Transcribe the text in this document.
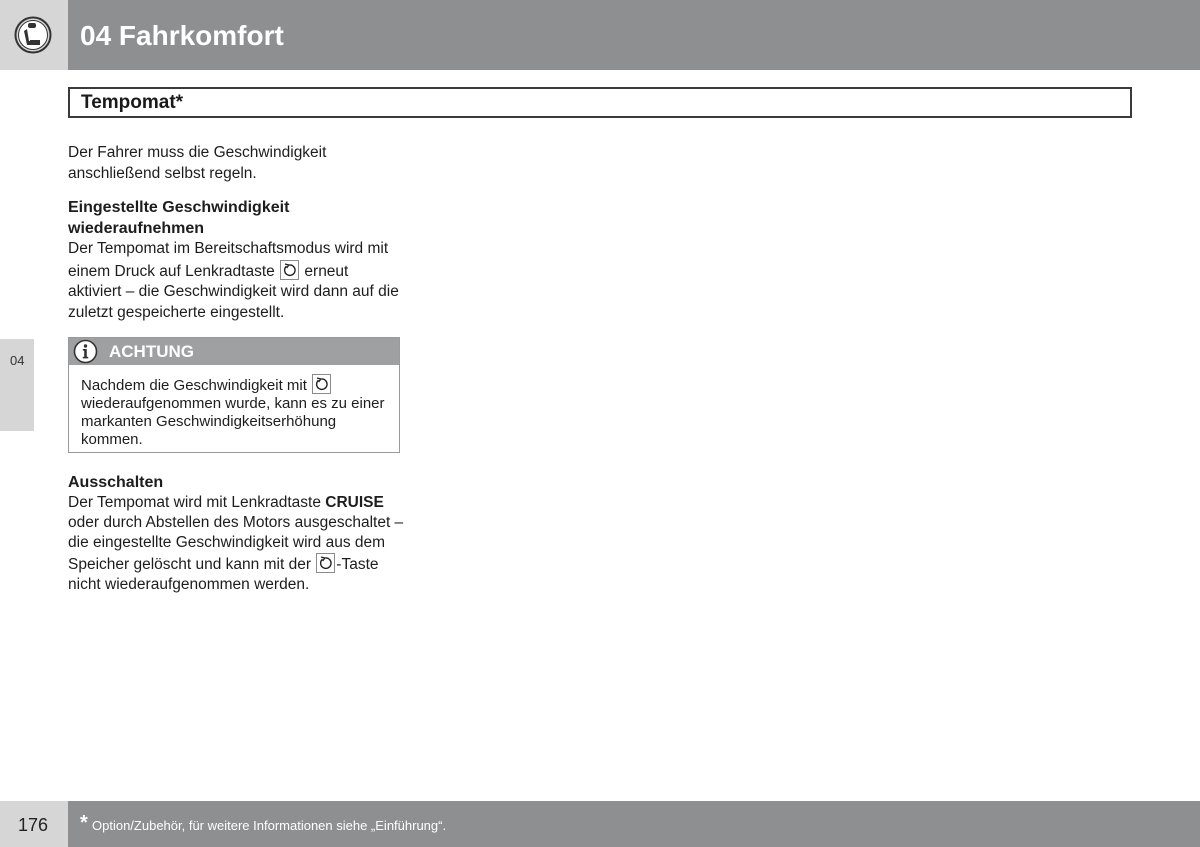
04 Fahrkomfort
Tempomat*
04

Der Fahrer muss die Geschwindigkeit anschließend selbst regeln.

Eingestellte Geschwindigkeit wiederaufnehmen

Der Tempomat im Bereitschaftsmodus wird mit einem Druck auf Lenkradtaste erneut aktiviert – die Geschwindigkeit wird dann auf die zuletzt gespeicherte eingestellt.

ACHTUNG

Nachdem die Geschwindigkeit mit
wiederaufgenommen wurde, kann es zu einer markanten Geschwindigkeitserhöhung kommen.

Ausschalten

Der Tempomat wird mit Lenkradtaste CRUISE oder durch Abstellen des Motors ausgeschaltet – die eingestellte Geschwindigkeit wird aus dem Speicher gelöscht und kann mit der -Taste nicht wiederaufgenommen werden.

176 * Option/Zubehör, für weitere Informationen siehe „Einführung“.
